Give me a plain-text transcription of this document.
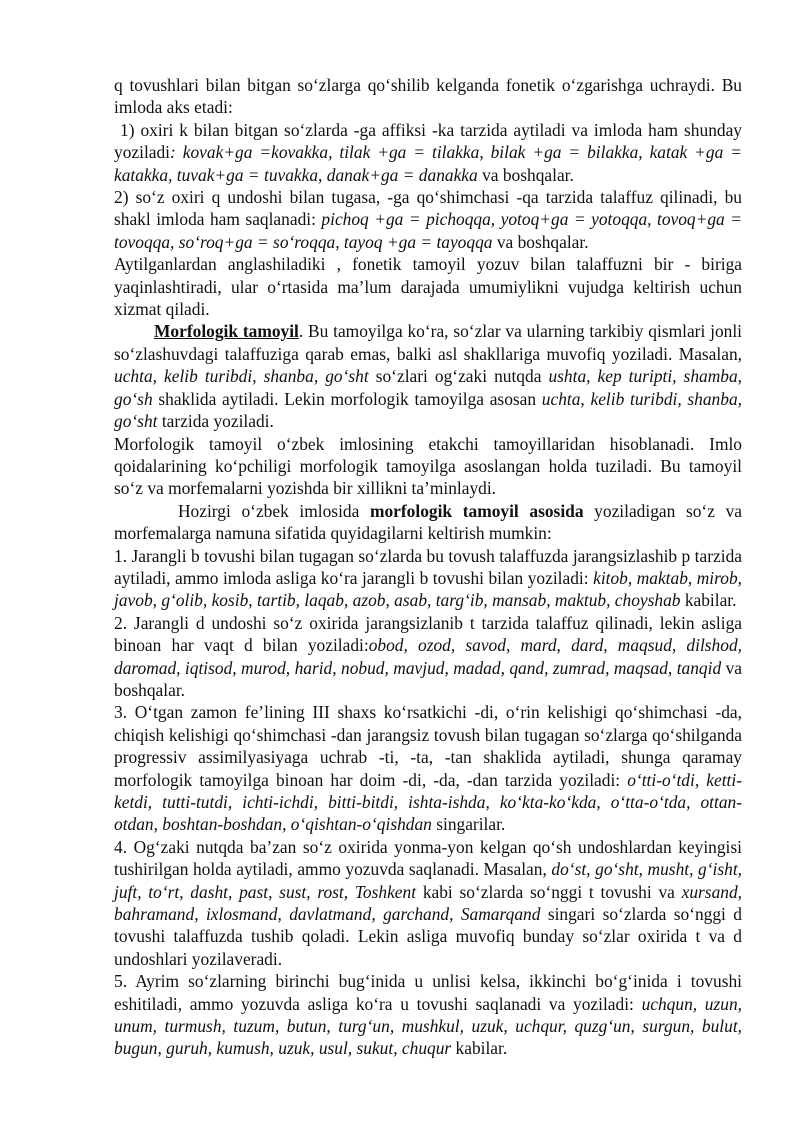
q tovushlari bilan bitgan so‘zlarga qo‘shilib kelganda fonetik o‘zgarishga uchraydi. Bu imloda aks etadi:

1) oxiri k bilan bitgan so‘zlarda -ga affiksi -ka tarzida aytiladi va imloda ham shunday yoziladi: kovak+ga =kovakka, tilak +ga = tilakka, bilak +ga = bilakka, katak +ga = katakka, tuvak+ga = tuvakka, danak+ga = danakka va boshqalar.

2) so‘z oxiri q undoshi bilan tugasa, -ga qo‘shimchasi -qa tarzida talaffuz qilinadi, bu shakl imloda ham saqlanadi: pichoq +ga = pichoqqa, yotoq+ga = yotoqqa, tovoq+ga = tovoqqa, so‘roq+ga = so‘roqqa, tayoq +ga = tayoqqa va boshqalar.

Aytilganlardan anglashiladiki , fonetik tamoyil yozuv bilan talaffuzni bir - biriga yaqinlashtiradi, ular o‘rtasida ma’lum darajada umumiylikni vujudga keltirish uchun xizmat qiladi.

Morfologik tamoyil. Bu tamoyilga ko‘ra, so‘zlar va ularning tarkibiy qismlari jonli so‘zlashuvdagi talaffuziga qarab emas, balki asl shakllariga muvofiq yoziladi. Masalan, uchta, kelib turibdi, shanba, go‘sht so‘zlari og‘zaki nutqda ushta, kep turipti, shamba, go‘sh shaklida aytiladi. Lekin morfologik tamoyilga asosan uchta, kelib turibdi, shanba, go‘sht tarzida yoziladi.

Morfologik tamoyil o‘zbek imlosining etakchi tamoyillaridan hisoblanadi. Imlo qoidalarining ko‘pchiligi morfologik tamoyilga asoslangan holda tuziladi. Bu tamoyil so‘z va morfemalarni yozishda bir xillikni ta’minlaydi.

Hozirgi o‘zbek imlosida morfologik tamoyil asosida yoziladigan so‘z va morfemalarga namuna sifatida quyidagilarni keltirish mumkin:

1. Jarangli b tovushi bilan tugagan so‘zlarda bu tovush talaffuzda jarangsizlashib p tarzida aytiladi, ammo imloda asliga ko‘ra jarangli b tovushi bilan yoziladi: kitob, maktab, mirob, javob, g‘olib, kosib, tartib, laqab, azob, asab, targ‘ib, mansab, maktub, choyshab kabilar.

2. Jarangli d undoshi so‘z oxirida jarangsizlanib t tarzida talaffuz qilinadi, lekin asliga binoan har vaqt d bilan yoziladi:obod, ozod, savod, mard, dard, maqsud, dilshod, daromad, iqtisod, murod, harid, nobud, mavjud, madad, qand, zumrad, maqsad, tanqid va boshqalar.

3. O‘tgan zamon fe’lining III shaxs ko‘rsatkichi -di, o‘rin kelishigi qo‘shimchasi -da, chiqish kelishigi qo‘shimchasi -dan jarangsiz tovush bilan tugagan so‘zlarga qo‘shilganda progressiv assimilyasiyaga uchrab -ti, -ta, -tan shaklida aytiladi, shunga qaramay morfologik tamoyilga binoan har doim -di, -da, -dan tarzida yoziladi: o‘tti-o‘tdi, ketti-ketdi, tutti-tutdi, ichti-ichdi, bitti-bitdi, ishta-ishda, ko‘kta-ko‘kda, o‘tta-o‘tda, ottan-otdan, boshtan-boshdan, o‘qishtan-o‘qishdan singarilar.

4. Og‘zaki nutqda ba’zan so‘z oxirida yonma-yon kelgan qo‘sh undoshlardan keyingisi tushirilgan holda aytiladi, ammo yozuvda saqlanadi. Masalan, do‘st, go‘sht, musht, g‘isht, juft, to‘rt, dasht, past, sust, rost, Toshkent kabi so‘zlarda so‘nggi t tovushi va xursand, bahramand, ixlosmand, davlatmand, garchand, Samarqand singari so‘zlarda so‘nggi d tovushi talaffuzda tushib qoladi. Lekin asliga muvofiq bunday so‘zlar oxirida t va d undoshlari yozilaveradi.

5. Ayrim so‘zlarning birinchi bug‘inida u unlisi kelsa, ikkinchi bo‘g‘inida i tovushi eshitiladi, ammo yozuvda asliga ko‘ra u tovushi saqlanadi va yoziladi: uchqun, uzun, unum, turmush, tuzum, butun, turg‘un, mushkul, uzuk, uchqur, quzg‘un, surgun, bulut, bugun, guruh, kumush, uzuk, usul, sukut, chuqur kabilar.
